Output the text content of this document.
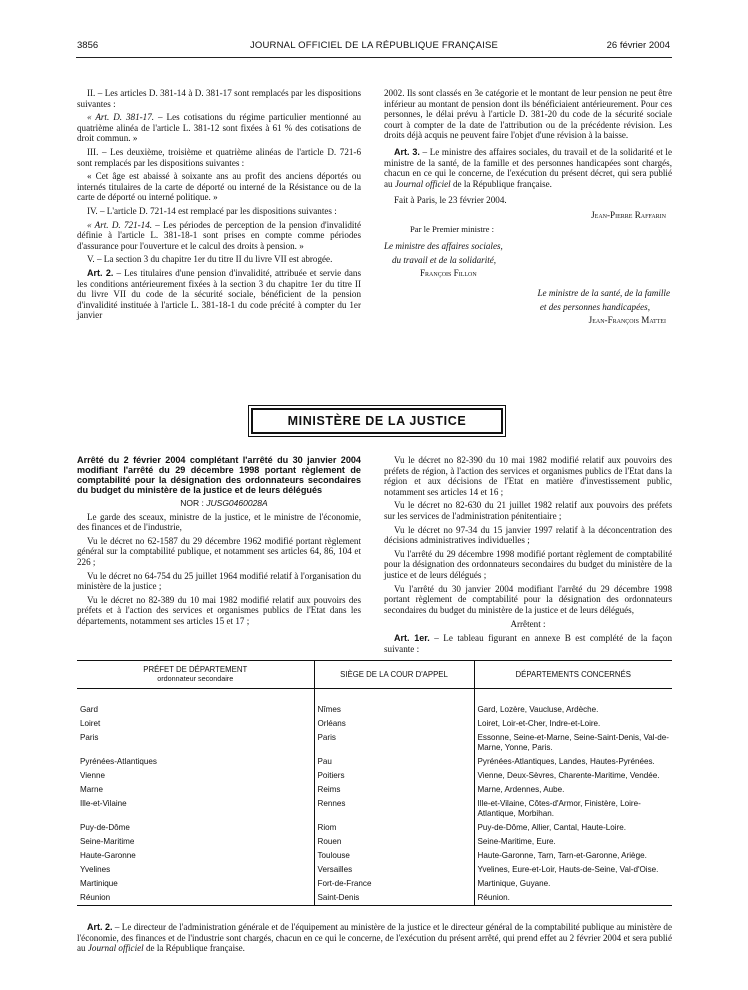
3856	JOURNAL OFFICIEL DE LA RÉPUBLIQUE FRANÇAISE	26 février 2004

II. – Les articles D. 381-14 à D. 381-17 sont remplacés par les dispositions suivantes :

« Art. D. 381-17. – Les cotisations du régime particulier mentionné au quatrième alinéa de l'article L. 381-12 sont fixées à 61 % des cotisations de droit commun. »

III. – Les deuxième, troisième et quatrième alinéas de l'article D. 721-6 sont remplacés par les dispositions suivantes :

« Cet âge est abaissé à soixante ans au profit des anciens déportés ou internés titulaires de la carte de déporté ou interné de la Résistance ou de la carte de déporté ou interné politique. »

IV. – L'article D. 721-14 est remplacé par les dispositions suivantes :

« Art. D. 721-14. – Les périodes de perception de la pension d'invalidité définie à l'article L. 381-18-1 sont prises en compte comme périodes d'assurance pour l'ouverture et le calcul des droits à pension. »

V. – La section 3 du chapitre 1er du titre II du livre VII est abrogée.

Art. 2. – Les titulaires d'une pension d'invalidité, attribuée et servie dans les conditions antérieurement fixées à la section 3 du chapitre 1er du titre II du livre VII du code de la sécurité sociale, bénéficient de la pension d'invalidité instituée à l'article L. 381-18-1 du code précité à compter du 1er janvier

2002. Ils sont classés en 3e catégorie et le montant de leur pension ne peut être inférieur au montant de pension dont ils bénéficiaient antérieurement. Pour ces personnes, le délai prévu à l'article D. 381-20 du code de la sécurité sociale court à compter de la date de l'attribution ou de la précédente révision. Les droits déjà acquis ne peuvent faire l'objet d'une révision à la baisse.

Art. 3. – Le ministre des affaires sociales, du travail et de la solidarité et le ministre de la santé, de la famille et des personnes handicapées sont chargés, chacun en ce qui le concerne, de l'exécution du présent décret, qui sera publié au Journal officiel de la République française.

Fait à Paris, le 23 février 2004.

Jean-Pierre Raffarin

Par le Premier ministre :

Le ministre des affaires sociales,

du travail et de la solidarité,

François Fillon

Le ministre de la santé, de la famille

et des personnes handicapées,

Jean-François Mattei

MINISTÈRE DE LA JUSTICE

Arrêté du 2 février 2004 complétant l'arrêté du 30 janvier 2004 modifiant l'arrêté du 29 décembre 1998 portant règlement de comptabilité pour la désignation des ordonnateurs secondaires du budget du ministère de la justice et de leurs délégués

NOR : JUSG0460028A

Le garde des sceaux, ministre de la justice, et le ministre de l'économie, des finances et de l'industrie,

Vu le décret no 62-1587 du 29 décembre 1962 modifié portant règlement général sur la comptabilité publique, et notamment ses articles 64, 86, 104 et 226 ;

Vu le décret no 64-754 du 25 juillet 1964 modifié relatif à l'organisation du ministère de la justice ;

Vu le décret no 82-389 du 10 mai 1982 modifié relatif aux pouvoirs des préfets et à l'action des services et organismes publics de l'Etat dans les départements, notamment ses articles 15 et 17 ;

Vu le décret no 82-390 du 10 mai 1982 modifié relatif aux pouvoirs des préfets de région, à l'action des services et organismes publics de l'Etat dans la région et aux décisions de l'Etat en matière d'investissement public, notamment ses articles 14 et 16 ;

Vu le décret no 82-630 du 21 juillet 1982 relatif aux pouvoirs des préfets sur les services de l'administration pénitentiaire ;

Vu le décret no 97-34 du 15 janvier 1997 relatif à la déconcentration des décisions administratives individuelles ;

Vu l'arrêté du 29 décembre 1998 modifié portant règlement de comptabilité pour la désignation des ordonnateurs secondaires du budget du ministère de la justice et de leurs délégués ;

Vu l'arrêté du 30 janvier 2004 modifiant l'arrêté du 29 décembre 1998 portant règlement de comptabilité pour la désignation des ordonnateurs secondaires du budget du ministère de la justice et de leurs délégués,

Arrêtent :

Art. 1er. – Le tableau figurant en annexe B est complété de la façon suivante :

PRÉFET DE DÉPARTEMENT
ordonnateur secondaire	SIÈGE DE LA COUR D'APPEL	DÉPARTEMENTS CONCERNÉS

Gard	Nîmes	Gard, Lozère, Vaucluse, Ardèche.
Loiret	Orléans	Loiret, Loir-et-Cher, Indre-et-Loire.
Paris	Paris	Essonne, Seine-et-Marne, Seine-Saint-Denis, Val-de-Marne, Yonne, Paris.
Pyrénées-Atlantiques	Pau	Pyrénées-Atlantiques, Landes, Hautes-Pyrénées.
Vienne	Poitiers	Vienne, Deux-Sèvres, Charente-Maritime, Vendée.
Marne	Reims	Marne, Ardennes, Aube.
Ille-et-Vilaine	Rennes	Ille-et-Vilaine, Côtes-d'Armor, Finistère, Loire-Atlantique, Morbihan.
Puy-de-Dôme	Riom	Puy-de-Dôme, Allier, Cantal, Haute-Loire.
Seine-Maritime	Rouen	Seine-Maritime, Eure.
Haute-Garonne	Toulouse	Haute-Garonne, Tarn, Tarn-et-Garonne, Ariège.
Yvelines	Versailles	Yvelines, Eure-et-Loir, Hauts-de-Seine, Val-d'Oise.
Martinique	Fort-de-France	Martinique, Guyane.
Réunion	Saint-Denis	Réunion.

Art. 2. – Le directeur de l'administration générale et de l'équipement au ministère de la justice et le directeur général de la comptabilité publique au ministère de l'économie, des finances et de l'industrie sont chargés, chacun en ce qui le concerne, de l'exécution du présent arrêté, qui prend effet au 2 février 2004 et sera publié au Journal officiel de la République française.
